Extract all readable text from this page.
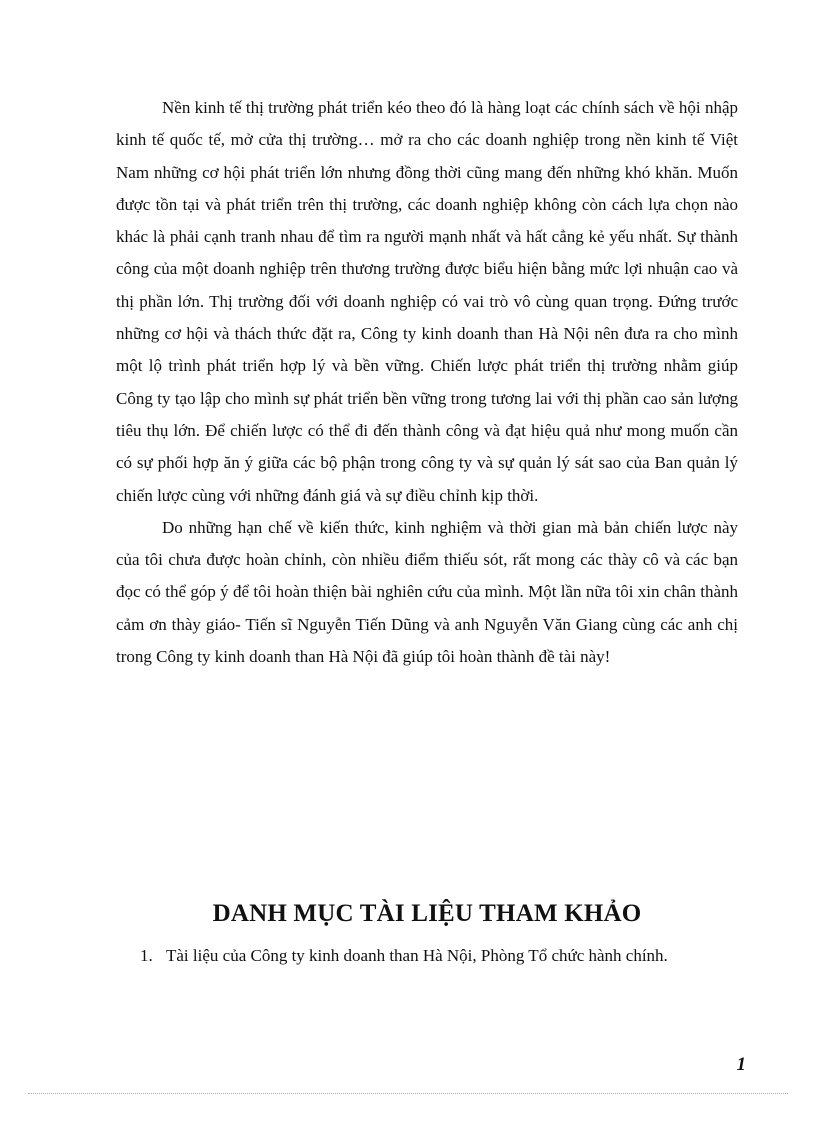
Nền kinh tế thị trường phát triển kéo theo đó là hàng loạt các chính sách về hội nhập kinh tế quốc tế, mở cửa thị trường… mở ra cho các doanh nghiệp trong nền kinh tế Việt Nam những cơ hội phát triển lớn nhưng đồng thời cũng mang đến những khó khăn. Muốn được tồn tại và phát triển trên thị trường, các doanh nghiệp không còn cách lựa chọn nào khác là phải cạnh tranh nhau để tìm ra người mạnh nhất và hất cẳng kẻ yếu nhất. Sự thành công của một doanh nghiệp trên thương trường được biểu hiện bằng mức lợi nhuận cao và thị phần lớn. Thị trường đối với doanh nghiệp có vai trò vô cùng quan trọng. Đứng trước những cơ hội và thách thức đặt ra, Công ty kinh doanh than Hà Nội nên đưa ra cho mình một lộ trình phát triển hợp lý và bền vững. Chiến lược phát triển thị trường nhằm giúp Công ty tạo lập cho mình sự phát triển bền vững trong tương lai với thị phần cao sản lượng tiêu thụ lớn. Để chiến lược có thể đi đến thành công và đạt hiệu quả như mong muốn cần có sự phối hợp ăn ý giữa các bộ phận trong công ty và sự quản lý sát sao của Ban quản lý chiến lược cùng với những đánh giá và sự điều chỉnh kịp thời.

Do những hạn chế về kiến thức, kinh nghiệm và thời gian mà bản chiến lược này của tôi chưa được hoàn chỉnh, còn nhiều điểm thiếu sót, rất mong các thày cô và các bạn đọc có thể góp ý để tôi hoàn thiện bài nghiên cứu của mình. Một lần nữa tôi xin chân thành cảm ơn thày giáo- Tiến sĩ Nguyễn Tiến Dũng và anh Nguyễn Văn Giang cùng các anh chị trong Công ty kinh doanh than Hà Nội đã giúp tôi hoàn thành đề tài này!

DANH MỤC TÀI LIỆU THAM KHẢO
1. Tài liệu của Công ty kinh doanh than Hà Nội, Phòng Tổ chức hành chính.
1
